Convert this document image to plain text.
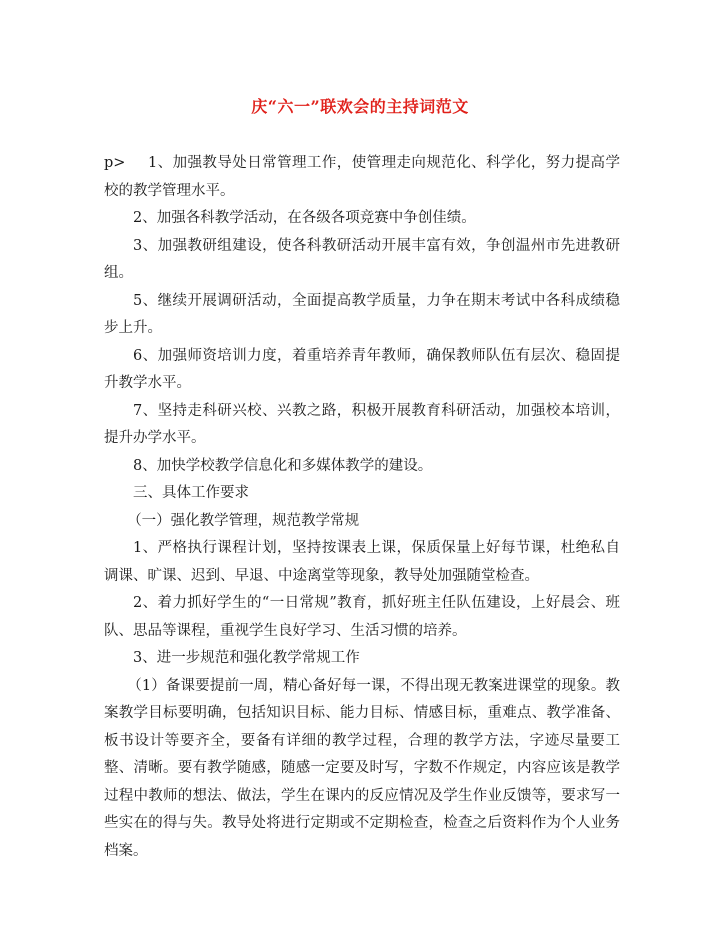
庆“六一”联欢会的主持词范文

p> 1、加强教导处日常管理工作，使管理走向规范化、科学化，努力提高学校的教学管理水平。

2、加强各科教学活动，在各级各项竞赛中争创佳绩。

3、加强教研组建设，使各科教研活动开展丰富有效，争创温州市先进教研组。

5、继续开展调研活动，全面提高教学质量，力争在期末考试中各科成绩稳步上升。

6、加强师资培训力度，着重培养青年教师，确保教师队伍有层次、稳固提升教学水平。

7、坚持走科研兴校、兴教之路，积极开展教育科研活动，加强校本培训，提升办学水平。

8、加快学校教学信息化和多媒体教学的建设。

三、具体工作要求

（一）强化教学管理，规范教学常规

1、严格执行课程计划，坚持按课表上课，保质保量上好每节课，杜绝私自调课、旷课、迟到、早退、中途离堂等现象，教导处加强随堂检查。

2、着力抓好学生的“一日常规”教育，抓好班主任队伍建设，上好晨会、班队、思品等课程，重视学生良好学习、生活习惯的培养。

3、进一步规范和强化教学常规工作

（1）备课要提前一周，精心备好每一课，不得出现无教案进课堂的现象。教案教学目标要明确，包括知识目标、能力目标、情感目标，重难点、教学准备、板书设计等要齐全，要备有详细的教学过程，合理的教学方法，字迹尽量要工整、清晰。要有教学随感，随感一定要及时写，字数不作规定，内容应该是教学过程中教师的想法、做法，学生在课内的反应情况及学生作业反馈等，要求写一些实在的得与失。教导处将进行定期或不定期检查，检查之后资料作为个人业务档案。
